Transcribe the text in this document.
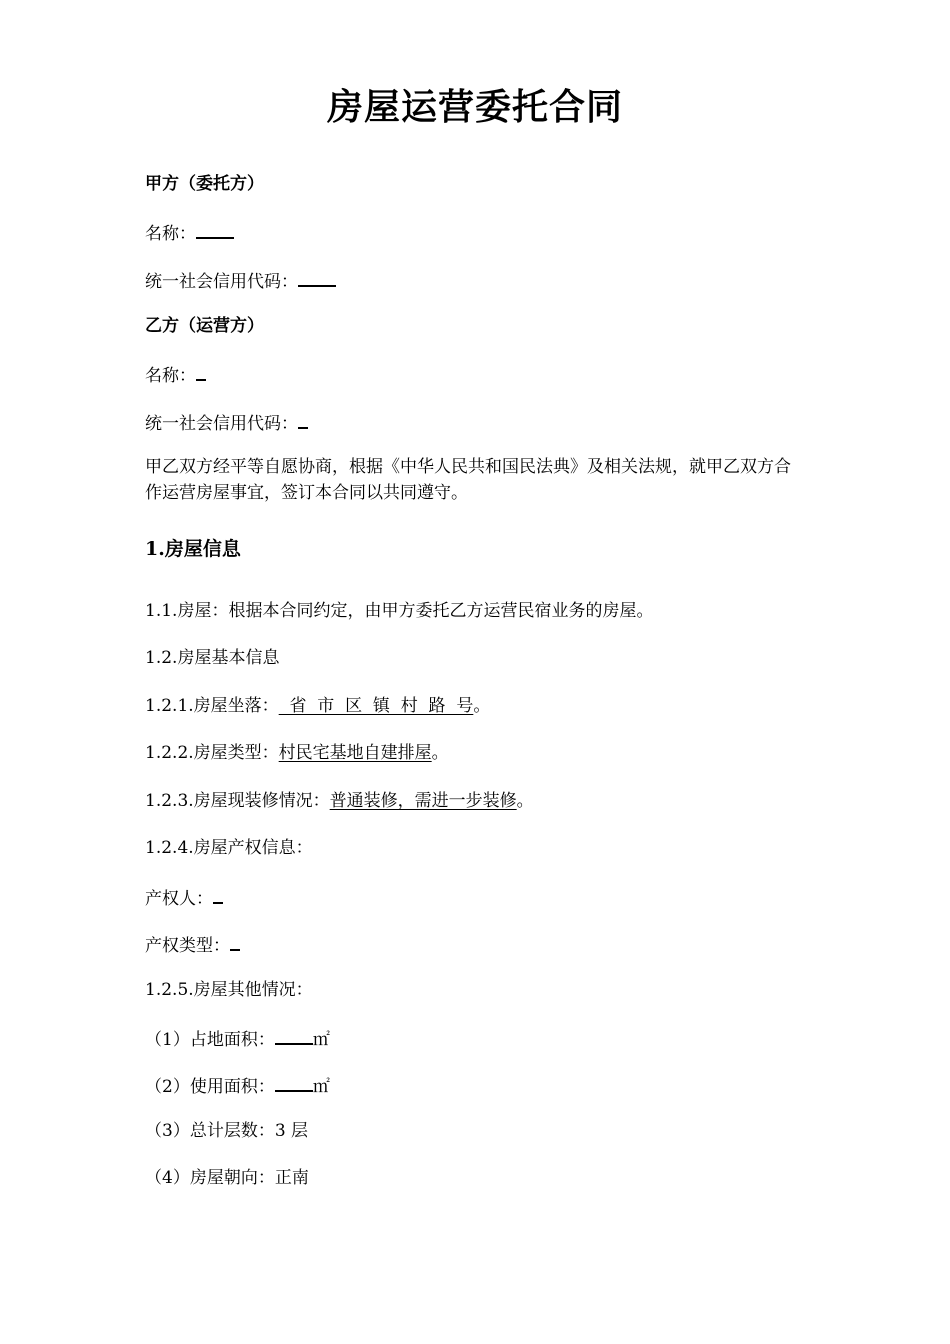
房屋运营委托合同
甲方（委托方）
名称：
统一社会信用代码：
乙方（运营方）
名称：
统一社会信用代码：
甲乙双方经平等自愿协商，根据《中华人民共和国民法典》及相关法规，就甲乙双方合作运营房屋事宜，签订本合同以共同遵守。
1.房屋信息
1.1.房屋：根据本合同约定，由甲方委托乙方运营民宿业务的房屋。
1.2.房屋基本信息
1.2.1.房屋坐落：  省  市  区  镇  村  路  号。
1.2.2.房屋类型：村民宅基地自建排屋。
1.2.3.房屋现装修情况：普通装修，需进一步装修。
1.2.4.房屋产权信息：
产权人：
产权类型：
1.2.5.房屋其他情况：
（1）占地面积： ㎡
（2）使用面积： ㎡
（3）总计层数：3 层
（4）房屋朝向：正南
